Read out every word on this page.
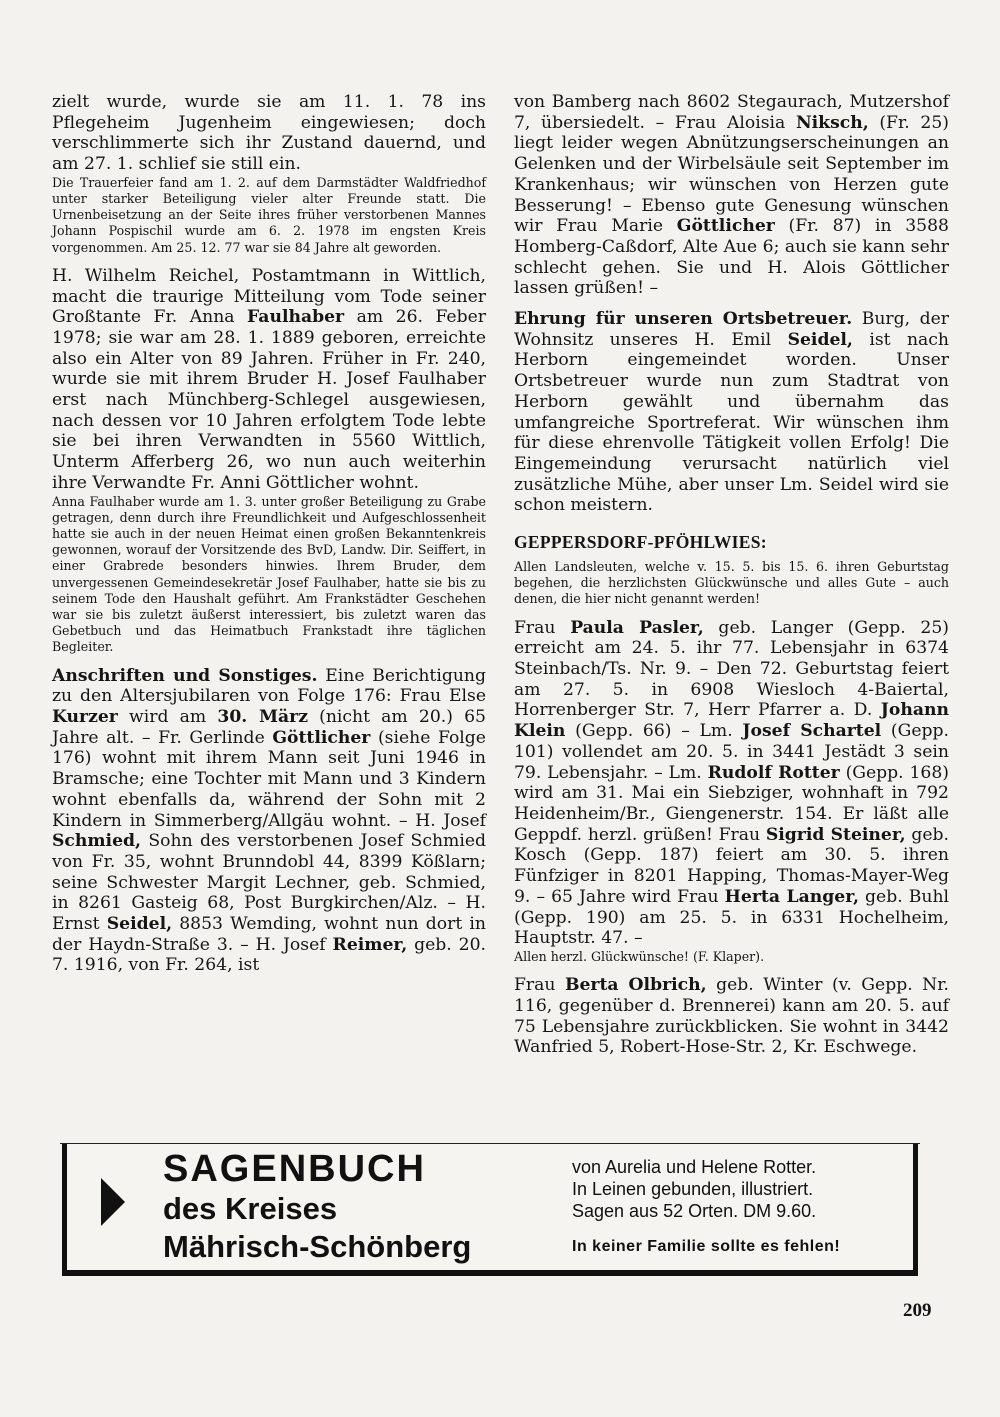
zielt wurde, wurde sie am 11. 1. 78 ins Pflegeheim Jugenheim eingewiesen; doch verschlimmerte sich ihr Zustand dauernd, und am 27. 1. schlief sie still ein.

Die Trauerfeier fand am 1. 2. auf dem Darmstädter Waldfriedhof unter starker Beteiligung vieler alter Freunde statt. Die Urnenbeisetzung an der Seite ihres früher verstorbenen Mannes Johann Pospischil wurde am 6. 2. 1978 im engsten Kreis vorgenommen. Am 25. 12. 77 war sie 84 Jahre alt geworden.

H. Wilhelm Reichel, Postamtmann in Wittlich, macht die traurige Mitteilung vom Tode seiner Großtante Fr. Anna Faulhaber am 26. Feber 1978; sie war am 28. 1. 1889 geboren, erreichte also ein Alter von 89 Jahren. Früher in Fr. 240, wurde sie mit ihrem Bruder H. Josef Faulhaber erst nach Münchberg-Schlegel ausgewiesen, nach dessen vor 10 Jahren erfolgtem Tode lebte sie bei ihren Verwandten in 5560 Wittlich, Unterm Afferberg 26, wo nun auch weiterhin ihre Verwandte Fr. Anni Göttlicher wohnt.

Anna Faulhaber wurde am 1. 3. unter großer Beteiligung zu Grabe getragen, denn durch ihre Freundlichkeit und Aufgeschlossenheit hatte sie auch in der neuen Heimat einen großen Bekanntenkreis gewonnen, worauf der Vorsitzende des BvD, Landw. Dir. Seiffert, in einer Grabrede besonders hinwies. Ihrem Bruder, dem unvergessenen Gemeindesekretär Josef Faulhaber, hatte sie bis zu seinem Tode den Haushalt geführt. Am Frankstädter Geschehen war sie bis zuletzt äußerst interessiert, bis zuletzt waren das Gebetbuch und das Heimatbuch Frankstadt ihre täglichen Begleiter.

Anschriften und Sonstiges. Eine Berichtigung zu den Altersjubilaren von Folge 176: Frau Else Kurzer wird am 30. März (nicht am 20.) 65 Jahre alt. – Fr. Gerlinde Göttlicher (siehe Folge 176) wohnt mit ihrem Mann seit Juni 1946 in Bramsche; eine Tochter mit Mann und 3 Kindern wohnt ebenfalls da, während der Sohn mit 2 Kindern in Simmerberg/Allgäu wohnt. – H. Josef Schmied, Sohn des verstorbenen Josef Schmied von Fr. 35, wohnt Brunndobl 44, 8399 Kößlarn; seine Schwester Margit Lechner, geb. Schmied, in 8261 Gasteig 68, Post Burgkirchen/Alz. – H. Ernst Seidel, 8853 Wemding, wohnt nun dort in der Haydn-Straße 3. – H. Josef Reimer, geb. 20. 7. 1916, von Fr. 264, ist

von Bamberg nach 8602 Stegaurach, Mutzershof 7, übersiedelt. – Frau Aloisia Niksch, (Fr. 25) liegt leider wegen Abnützungserscheinungen an Gelenken und der Wirbelsäule seit September im Krankenhaus; wir wünschen von Herzen gute Besserung! – Ebenso gute Genesung wünschen wir Frau Marie Göttlicher (Fr. 87) in 3588 Homberg-Caßdorf, Alte Aue 6; auch sie kann sehr schlecht gehen. Sie und H. Alois Göttlicher lassen grüßen! –

Ehrung für unseren Ortsbetreuer. Burg, der Wohnsitz unseres H. Emil Seidel, ist nach Herborn eingemeindet worden. Unser Ortsbetreuer wurde nun zum Stadtrat von Herborn gewählt und übernahm das umfangreiche Sportreferat. Wir wünschen ihm für diese ehrenvolle Tätigkeit vollen Erfolg! Die Eingemeindung verursacht natürlich viel zusätzliche Mühe, aber unser Lm. Seidel wird sie schon meistern.

GEPPERSDORF-PFÖHLWIES:

Allen Landsleuten, welche v. 15. 5. bis 15. 6. ihren Geburtstag begehen, die herzlichsten Glückwünsche und alles Gute – auch denen, die hier nicht genannt werden!

Frau Paula Pasler, geb. Langer (Gepp. 25) erreicht am 24. 5. ihr 77. Lebensjahr in 6374 Steinbach/Ts. Nr. 9. – Den 72. Geburtstag feiert am 27. 5. in 6908 Wiesloch 4-Baiertal, Horrenberger Str. 7, Herr Pfarrer a. D. Johann Klein (Gepp. 66) – Lm. Josef Schartel (Gepp. 101) vollendet am 20. 5. in 3441 Jestädt 3 sein 79. Lebensjahr. – Lm. Rudolf Rotter (Gepp. 168) wird am 31. Mai ein Siebziger, wohnhaft in 792 Heidenheim/Br., Giengenerstr. 154. Er läßt alle Geppdf. herzl. grüßen! Frau Sigrid Steiner, geb. Kosch (Gepp. 187) feiert am 30. 5. ihren Fünfziger in 8201 Happing, Thomas-Mayer-Weg 9. – 65 Jahre wird Frau Herta Langer, geb. Buhl (Gepp. 190) am 25. 5. in 6331 Hochelheim, Hauptstr. 47. –

Allen herzl. Glückwünsche! (F. Klaper).

Frau Berta Olbrich, geb. Winter (v. Gepp. Nr. 116, gegenüber d. Brennerei) kann am 20. 5. auf 75 Lebensjahre zurückblicken. Sie wohnt in 3442 Wanfried 5, Robert-Hose-Str. 2, Kr. Eschwege.

SAGENBUCH
des Kreises
Mährisch-Schönberg
von Aurelia und Helene Rotter.
In Leinen gebunden, illustriert.
Sagen aus 52 Orten. DM 9.60.
In keiner Familie sollte es fehlen!
209
